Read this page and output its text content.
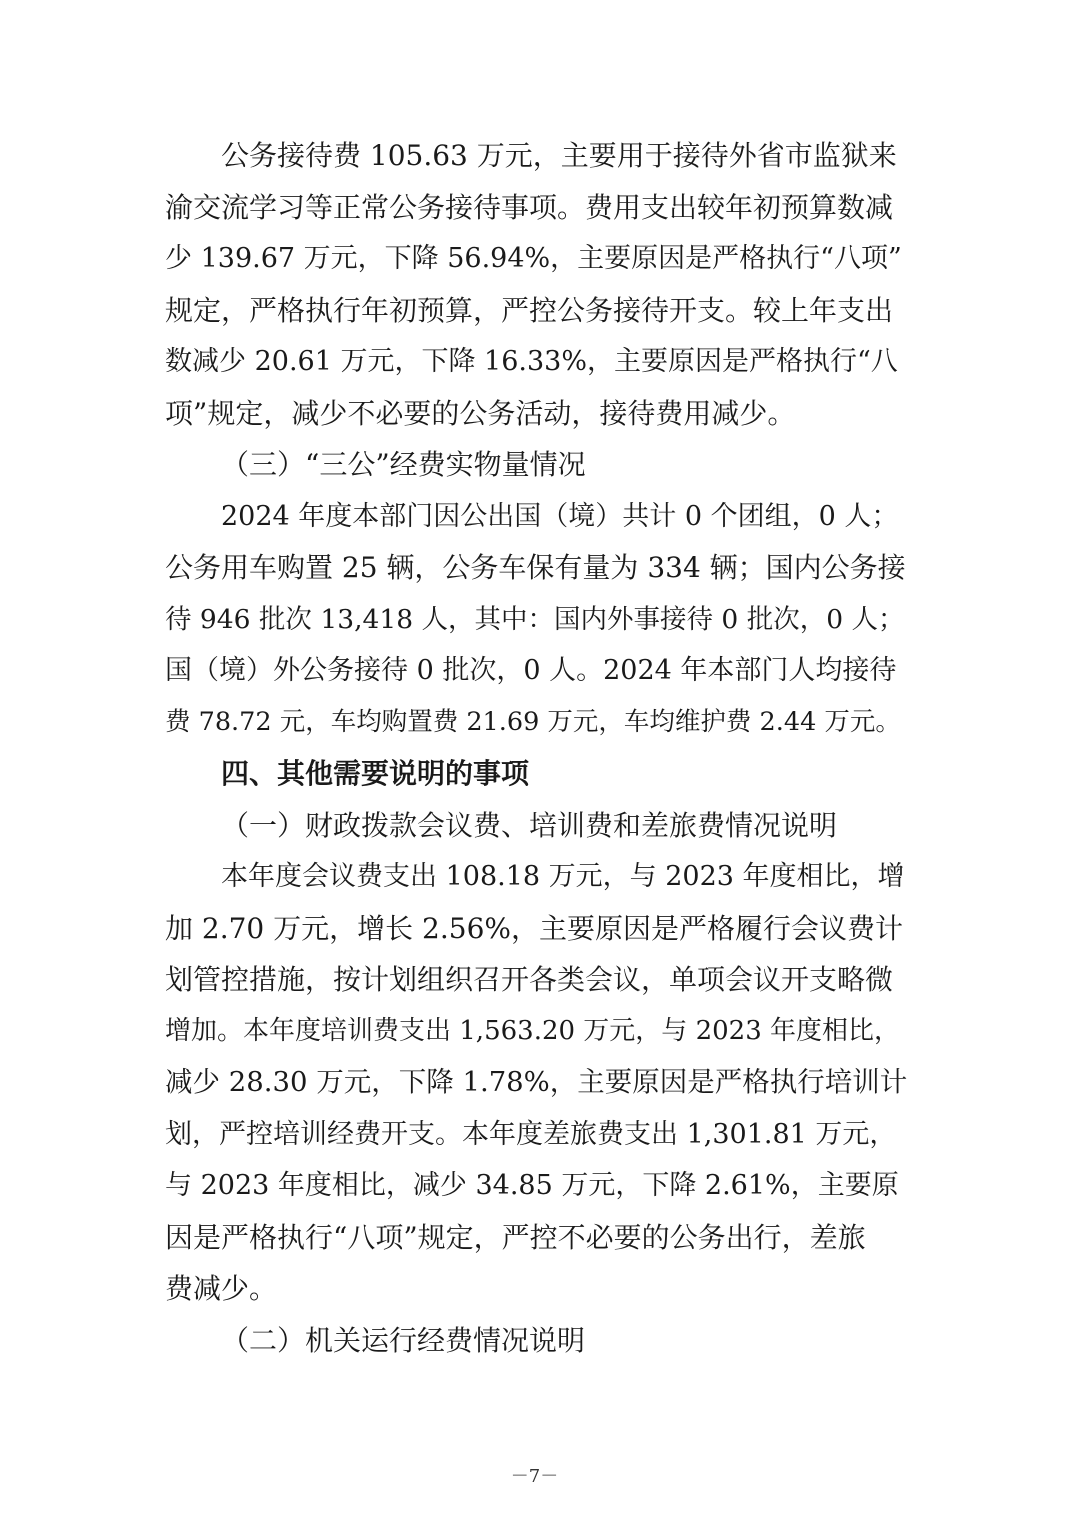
公务接待费 105.63 万元，主要用于接待外省市监狱来
渝交流学习等正常公务接待事项。费用支出较年初预算数减
少 139.67 万元，下降 56.94%，主要原因是严格执行“八项”
规定，严格执行年初预算，严控公务接待开支。较上年支出
数减少 20.61 万元，下降 16.33%，主要原因是严格执行“八
项”规定，减少不必要的公务活动，接待费用减少。
（三）“三公”经费实物量情况
2024 年度本部门因公出国（境）共计 0 个团组，0 人；
公务用车购置 25 辆，公务车保有量为 334 辆；国内公务接
待 946 批次 13,418 人，其中：国内外事接待 0 批次，0 人；
国（境）外公务接待 0 批次，0 人。2024 年本部门人均接待
费 78.72 元，车均购置费 21.69 万元，车均维护费 2.44 万元。
四、其他需要说明的事项
（一）财政拨款会议费、培训费和差旅费情况说明
本年度会议费支出 108.18 万元，与 2023 年度相比，增
加 2.70 万元，增长 2.56%，主要原因是严格履行会议费计
划管控措施，按计划组织召开各类会议，单项会议开支略微
增加。本年度培训费支出 1,563.20 万元，与 2023 年度相比，
减少 28.30 万元，下降 1.78%，主要原因是严格执行培训计
划，严控培训经费开支。本年度差旅费支出 1,301.81 万元，
与 2023 年度相比，减少 34.85 万元，下降 2.61%，主要原
因是严格执行“八项”规定，严控不必要的公务出行，差旅
费减少。
（二）机关运行经费情况说明
－7－
